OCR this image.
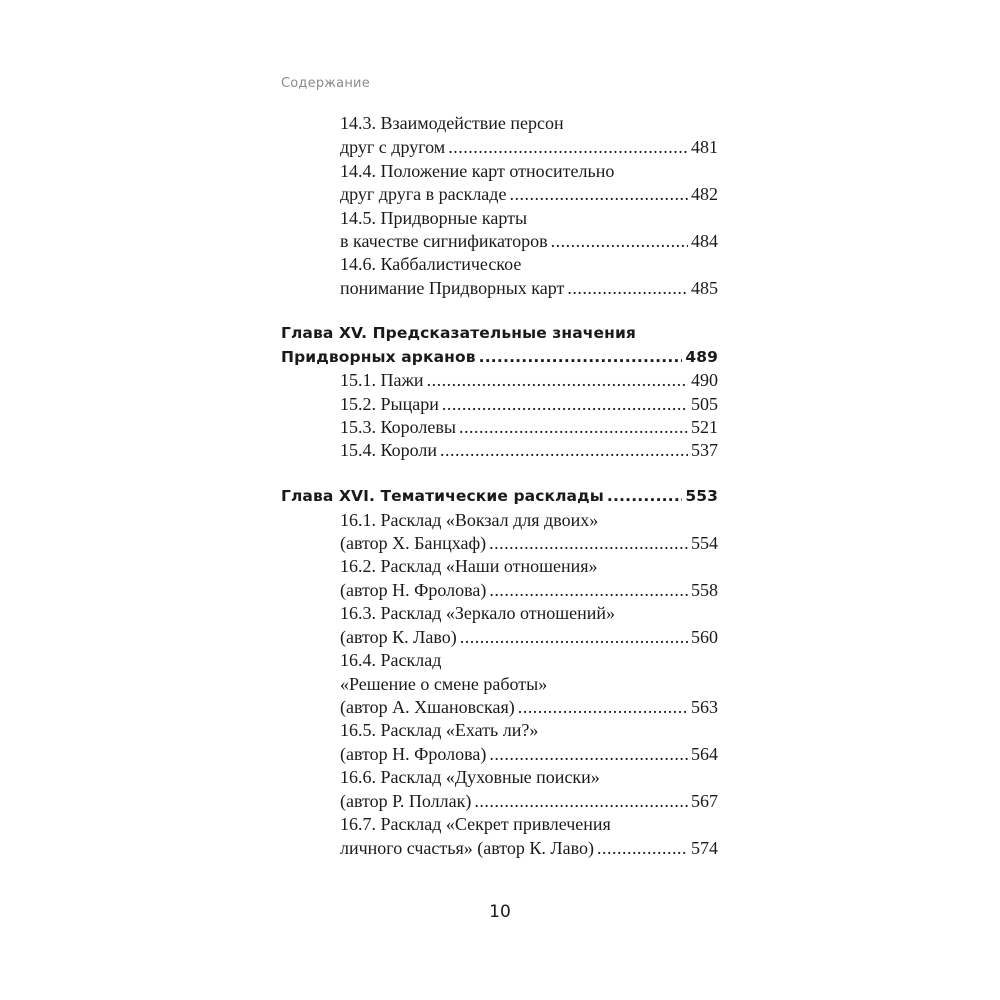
Содержание
14.3. Взаимодействие персон
друг с другом .....	481
14.4. Положение карт относительно
друг друга в раскладе .....	482
14.5. Придворные карты
в качестве сигнификаторов .....	484
14.6. Каббалистическое
понимание Придворных карт .....	485
Глава XV. Предсказательные значения
Придворных арканов .....	489
15.1. Пажи .....	490
15.2. Рыцари .....	505
15.3. Королевы .....	521
15.4. Короли .....	537
Глава XVI. Тематические расклады .....	553
16.1. Расклад «Вокзал для двоих»
(автор Х. Банцхаф) .....	554
16.2. Расклад «Наши отношения»
(автор Н. Фролова) .....	558
16.3. Расклад «Зеркало отношений»
(автор К. Лаво) .....	560
16.4. Расклад
«Решение о смене работы»
(автор А. Хшановская) .....	563
16.5. Расклад «Ехать ли?»
(автор Н. Фролова) .....	564
16.6. Расклад «Духовные поиски»
(автор Р. Поллак) .....	567
16.7. Расклад «Секрет привлечения
личного счастья» (автор К. Лаво) .....	574
10
